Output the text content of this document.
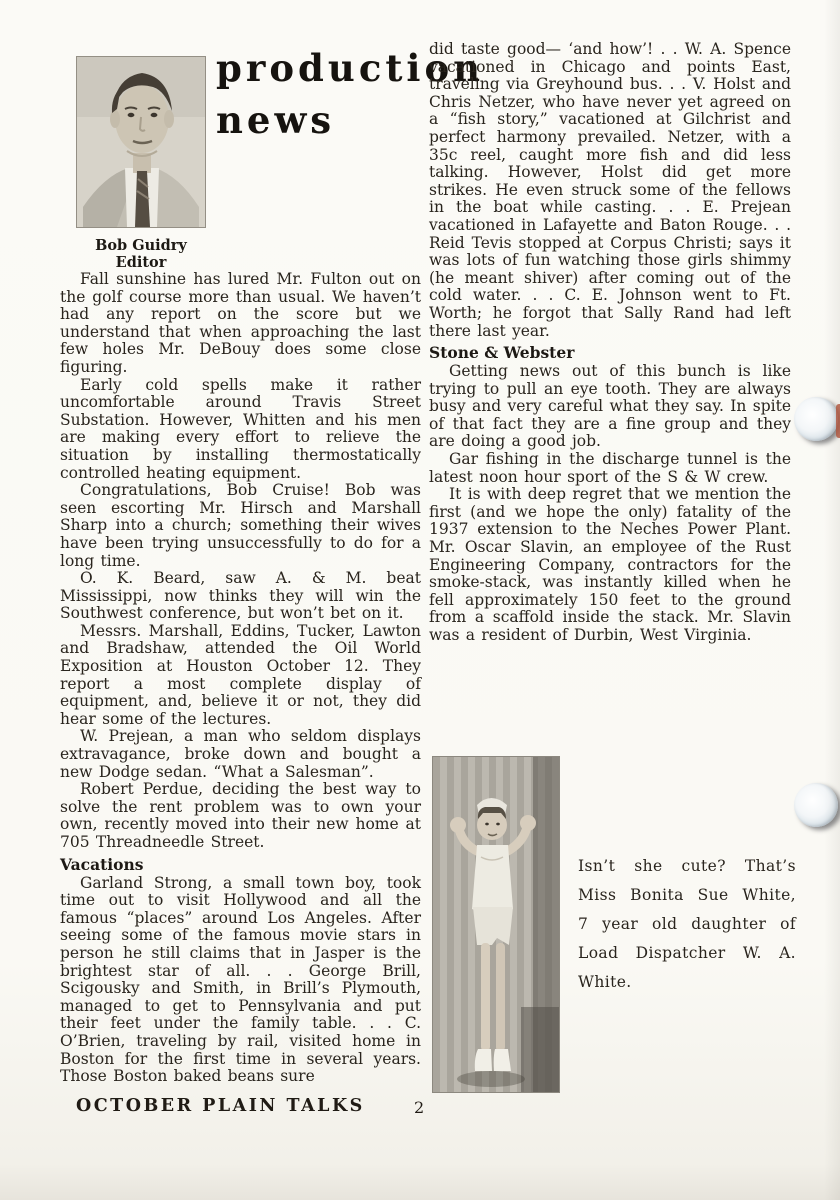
Bob Guidry
Editor
production
news

Fall sunshine has lured Mr. Fulton out on the golf course more than usual. We haven’t had any report on the score but we understand that when approaching the last few holes Mr. DeBouy does some close figuring.

Early cold spells make it rather uncomfortable around Travis Street Substation. However, Whitten and his men are making every effort to relieve the situation by installing thermostatically controlled heating equipment.

Congratulations, Bob Cruise! Bob was seen escorting Mr. Hirsch and Marshall Sharp into a church; something their wives have been trying unsuccessfully to do for a long time.

O. K. Beard, saw A. & M. beat Mississippi, now thinks they will win the Southwest conference, but won’t bet on it.

Messrs. Marshall, Eddins, Tucker, Lawton and Bradshaw, attended the Oil World Exposition at Houston October 12. They report a most complete display of equipment, and, believe it or not, they did hear some of the lectures.

W. Prejean, a man who seldom displays extravagance, broke down and bought a new Dodge sedan. “What a Salesman”.

Robert Perdue, deciding the best way to solve the rent problem was to own your own, recently moved into their new home at 705 Threadneedle Street.

Vacations

Garland Strong, a small town boy, took time out to visit Hollywood and all the famous “places” around Los Angeles. After seeing some of the famous movie stars in person he still claims that in Jasper is the brightest star of all. . . George Brill, Scigousky and Smith, in Brill’s Plymouth, managed to get to Pennsylvania and put their feet under the family table. . . C. O’Brien, traveling by rail, visited home in Boston for the first time in several years. Those Boston baked beans sure

did taste good— ‘and how’! . . W. A. Spence vacationed in Chicago and points East, traveling via Greyhound bus. . . V. Holst and Chris Netzer, who have never yet agreed on a “fish story,” vacationed at Gilchrist and perfect harmony prevailed. Netzer, with a 35c reel, caught more fish and did less talking. However, Holst did get more strikes. He even struck some of the fellows in the boat while casting. . . E. Prejean vacationed in Lafayette and Baton Rouge. . . Reid Tevis stopped at Corpus Christi; says it was lots of fun watching those girls shimmy (he meant shiver) after coming out of the cold water. . . C. E. Johnson went to Ft. Worth; he forgot that Sally Rand had left there last year.

Stone & Webster

Getting news out of this bunch is like trying to pull an eye tooth. They are always busy and very careful what they say. In spite of that fact they are a fine group and they are doing a good job.

Gar fishing in the discharge tunnel is the latest noon hour sport of the S & W crew.

It is with deep regret that we mention the first (and we hope the only) fatality of the 1937 extension to the Neches Power Plant. Mr. Oscar Slavin, an employee of the Rust Engineering Company, contractors for the smoke-stack, was instantly killed when he fell approximately 150 feet to the ground from a scaffold inside the stack. Mr. Slavin was a resident of Durbin, West Virginia.

Isn’t she cute? That’s Miss Bonita Sue White, 7 year old daughter of Load Dispatcher W. A. White.
OCTOBER PLAIN TALKS	2
